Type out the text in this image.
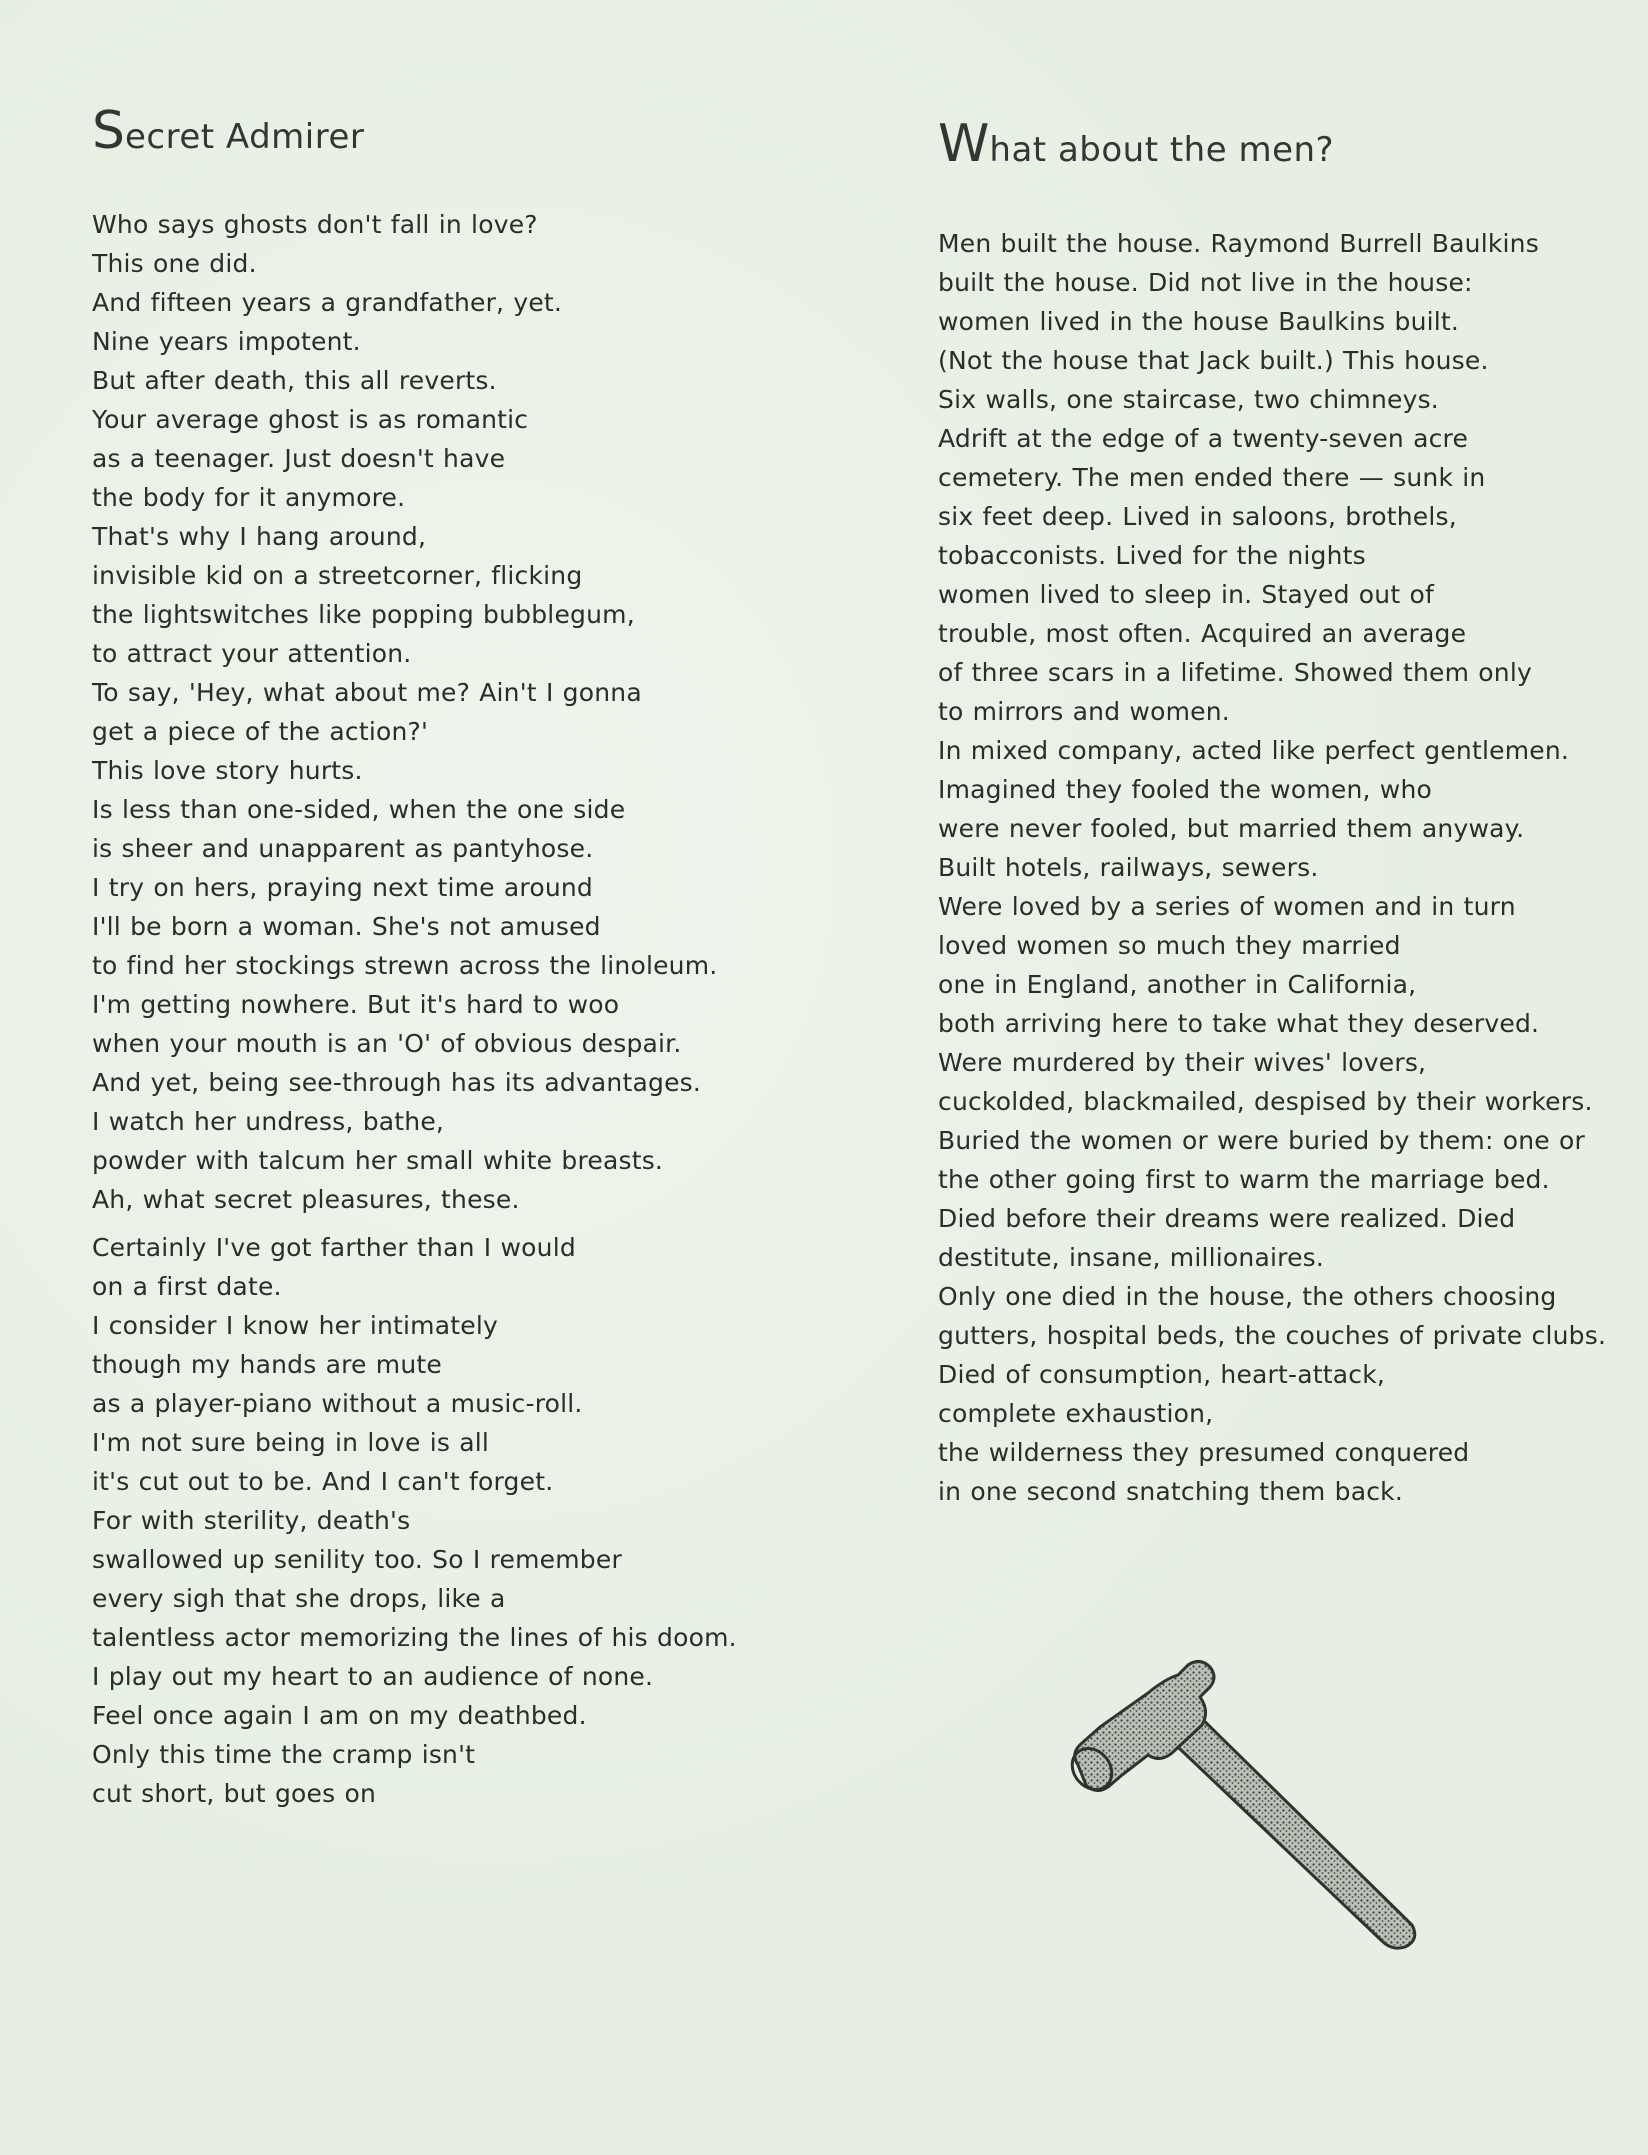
Secret Admirer
Who says ghosts don't fall in love?
This one did.
And fifteen years a grandfather, yet.
Nine years impotent.
But after death, this all reverts.
Your average ghost is as romantic
as a teenager. Just doesn't have
the body for it anymore.
That's why I hang around,
invisible kid on a streetcorner, flicking
the lightswitches like popping bubblegum,
to attract your attention.
To say, 'Hey, what about me? Ain't I gonna
get a piece of the action?'
This love story hurts.
Is less than one-sided, when the one side
is sheer and unapparent as pantyhose.
I try on hers, praying next time around
I'll be born a woman. She's not amused
to find her stockings strewn across the linoleum.
I'm getting nowhere. But it's hard to woo
when your mouth is an 'O' of obvious despair.
And yet, being see-through has its advantages.
I watch her undress, bathe,
powder with talcum her small white breasts.
Ah, what secret pleasures, these.
Certainly I've got farther than I would
on a first date.
I consider I know her intimately
though my hands are mute
as a player-piano without a music-roll.
I'm not sure being in love is all
it's cut out to be. And I can't forget.
For with sterility, death's
swallowed up senility too. So I remember
every sigh that she drops, like a
talentless actor memorizing the lines of his doom.
I play out my heart to an audience of none.
Feel once again I am on my deathbed.
Only this time the cramp isn't
cut short, but goes on
What about the men?
Men built the house. Raymond Burrell Baulkins
built the house. Did not live in the house:
women lived in the house Baulkins built.
(Not the house that Jack built.) This house.
Six walls, one staircase, two chimneys.
Adrift at the edge of a twenty-seven acre
cemetery. The men ended there — sunk in
six feet deep. Lived in saloons, brothels,
tobacconists. Lived for the nights
women lived to sleep in. Stayed out of
trouble, most often. Acquired an average
of three scars in a lifetime. Showed them only
to mirrors and women.
In mixed company, acted like perfect gentlemen.
Imagined they fooled the women, who
were never fooled, but married them anyway.
Built hotels, railways, sewers.
Were loved by a series of women and in turn
loved women so much they married
one in England, another in California,
both arriving here to take what they deserved.
Were murdered by their wives' lovers,
cuckolded, blackmailed, despised by their workers.
Buried the women or were buried by them: one or
the other going first to warm the marriage bed.
Died before their dreams were realized. Died
destitute, insane, millionaires.
Only one died in the house, the others choosing
gutters, hospital beds, the couches of private clubs.
Died of consumption, heart-attack,
complete exhaustion,
the wilderness they presumed conquered
in one second snatching them back.
